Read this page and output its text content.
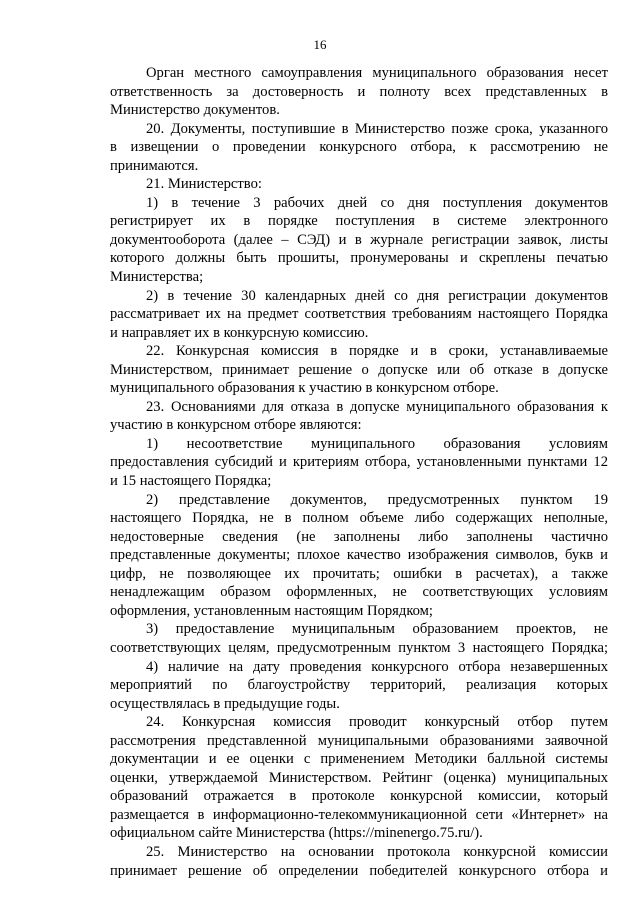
16
Орган местного самоуправления муниципального образования несет
ответственность за достоверность и полноту всех представленных в
Министерство документов.
20. Документы, поступившие в Министерство позже срока, указанного
в извещении о проведении конкурсного отбора, к рассмотрению не
принимаются.
21. Министерство:
1) в течение 3 рабочих дней со дня поступления документов
регистрирует их в порядке поступления в системе электронного
документооборота (далее – СЭД) и в журнале регистрации заявок, листы
которого должны быть прошиты, пронумерованы и скреплены печатью
Министерства;
2) в течение 30 календарных дней со дня регистрации документов
рассматривает их на предмет соответствия требованиям настоящего Порядка
и направляет их в конкурсную комиссию.
22. Конкурсная комиссия в порядке и в сроки, устанавливаемые
Министерством, принимает решение о допуске или об отказе в допуске
муниципального образования к участию в конкурсном отборе.
23. Основаниями для отказа в допуске муниципального образования к
участию в конкурсном отборе являются:
1) несоответствие муниципального образования условиям
предоставления субсидий и критериям отбора, установленными пунктами 12
и 15 настоящего Порядка;
2) представление документов, предусмотренных пунктом 19
настоящего Порядка, не в полном объеме либо содержащих неполные,
недостоверные сведения (не заполнены либо заполнены частично
представленные документы; плохое качество изображения символов, букв и
цифр, не позволяющее их прочитать; ошибки в расчетах), а также
ненадлежащим образом оформленных, не соответствующих условиям
оформления, установленным настоящим Порядком;
3) предоставление муниципальным образованием проектов, не
соответствующих целям, предусмотренным пунктом 3 настоящего Порядка;
4) наличие на дату проведения конкурсного отбора незавершенных
мероприятий по благоустройству территорий, реализация которых
осуществлялась в предыдущие годы.
24. Конкурсная комиссия проводит конкурсный отбор путем
рассмотрения представленной муниципальными образованиями заявочной
документации и ее оценки с применением Методики балльной системы
оценки, утверждаемой Министерством. Рейтинг (оценка) муниципальных
образований отражается в протоколе конкурсной комиссии, который
размещается в информационно-телекоммуникационной сети «Интернет» на
официальном сайте Министерства (https://minenergo.75.ru/).
25. Министерство на основании протокола конкурсной комиссии
принимает решение об определении победителей конкурсного отбора и
